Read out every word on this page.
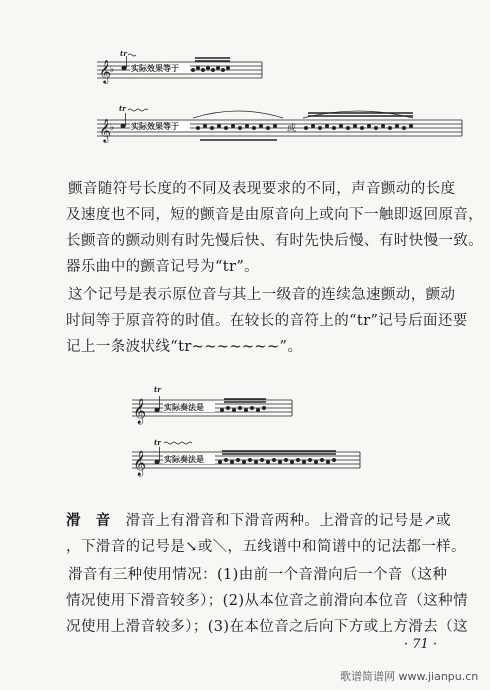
𝄞 ♭
tr
实际效果等于
𝄞 ♭
tr
实际效果等于	或
𝄞
tr
实际奏法是
𝄞
tr
实际奏法是
颤音随符号长度的不同及表现要求的不同，声音颤动的长度
及速度也不同，短的颤音是由原音向上或向下一触即返回原音，
长颤音的颤动则有时先慢后快、有时先快后慢、有时快慢一致。
器乐曲中的颤音记号为“tr”。
这个记号是表示原位音与其上一级音的连续急速颤动，颤动
时间等于原音符的时值。在较长的音符上的“tr”记号后面还要
记上一条波状线“tr~~~~~~~”。
滑　音　 滑音上有滑音和下滑音两种。上滑音的记号是↗或
，下滑音的记号是↘或＼，五线谱中和简谱中的记法都一样。
滑音有三种使用情况：(1)由前一个音滑向后一个音（这种
情况使用下滑音较多）；(2)从本位音之前滑向本位音（这种情
况使用上滑音较多）；(3)在本位音之后向下方或上方滑去（这
· 71 ·
歌谱简谱网 www.jianpu.cn
